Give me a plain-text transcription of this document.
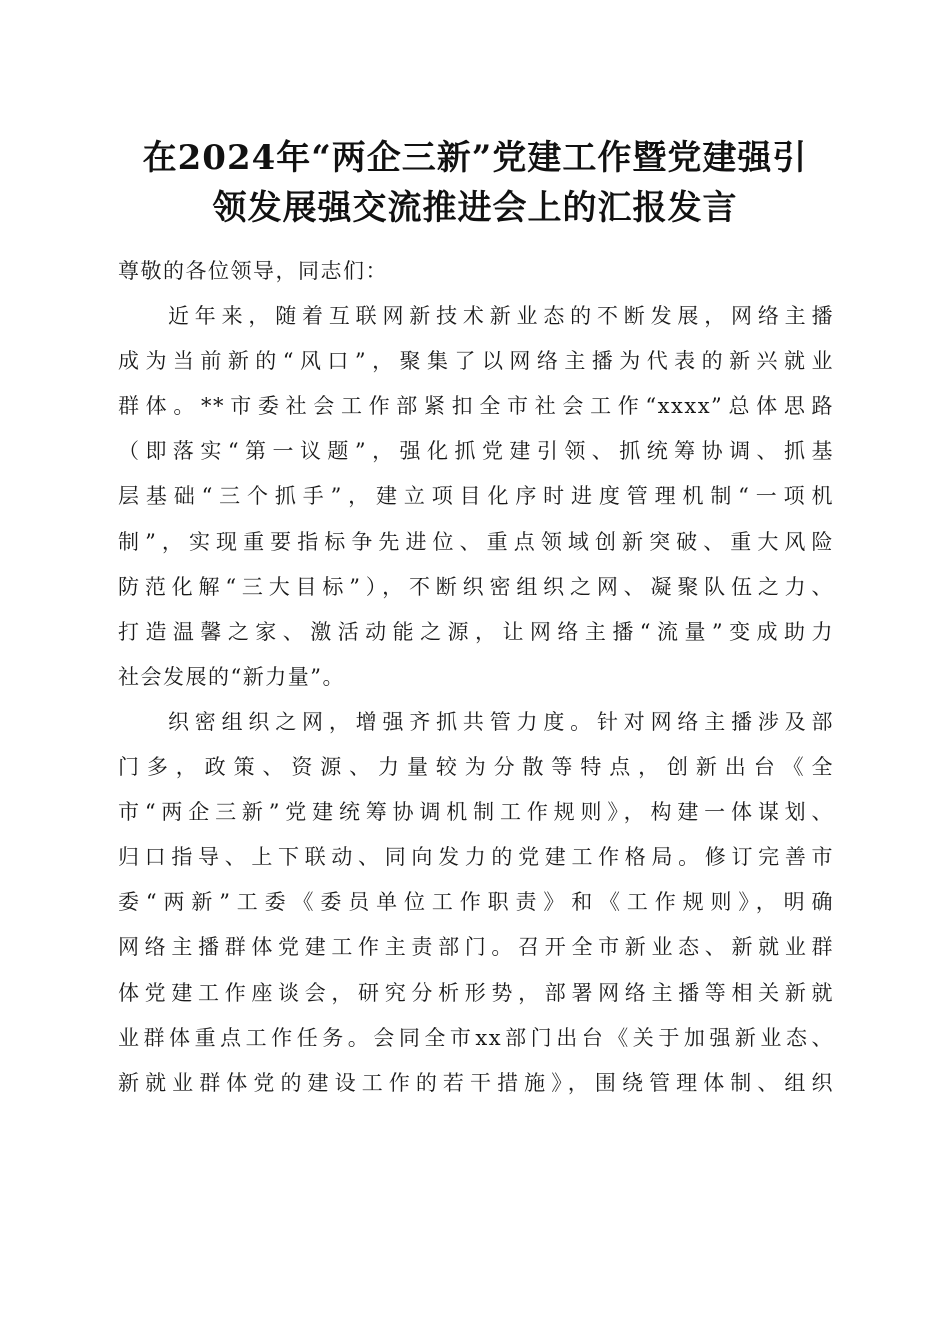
在2024年“两企三新”党建工作暨党建强引
领发展强交流推进会上的汇报发言
尊敬的各位领导，同志们：
近年来，随着互联网新技术新业态的不断发展，网络主播
成为当前新的“风口”，聚集了以网络主播为代表的新兴就业
群体。**市委社会工作部紧扣全市社会工作“xxxx”总体思路
（即落实“第一议题”，强化抓党建引领、抓统筹协调、抓基
层基础“三个抓手”，建立项目化序时进度管理机制“一项机
制”，实现重要指标争先进位、重点领域创新突破、重大风险
防范化解“三大目标”），不断织密组织之网、凝聚队伍之力、
打造温馨之家、激活动能之源，让网络主播“流量”变成助力
社会发展的“新力量”。
织密组织之网，增强齐抓共管力度。针对网络主播涉及部
门多，政策、资源、力量较为分散等特点，创新出台《全
市“两企三新”党建统筹协调机制工作规则》，构建一体谋划、
归口指导、上下联动、同向发力的党建工作格局。修订完善市
委“两新”工委《委员单位工作职责》和《工作规则》，明确
网络主播群体党建工作主责部门。召开全市新业态、新就业群
体党建工作座谈会，研究分析形势，部署网络主播等相关新就
业群体重点工作任务。会同全市xx部门出台《关于加强新业态、
新就业群体党的建设工作的若干措施》，围绕管理体制、组织
